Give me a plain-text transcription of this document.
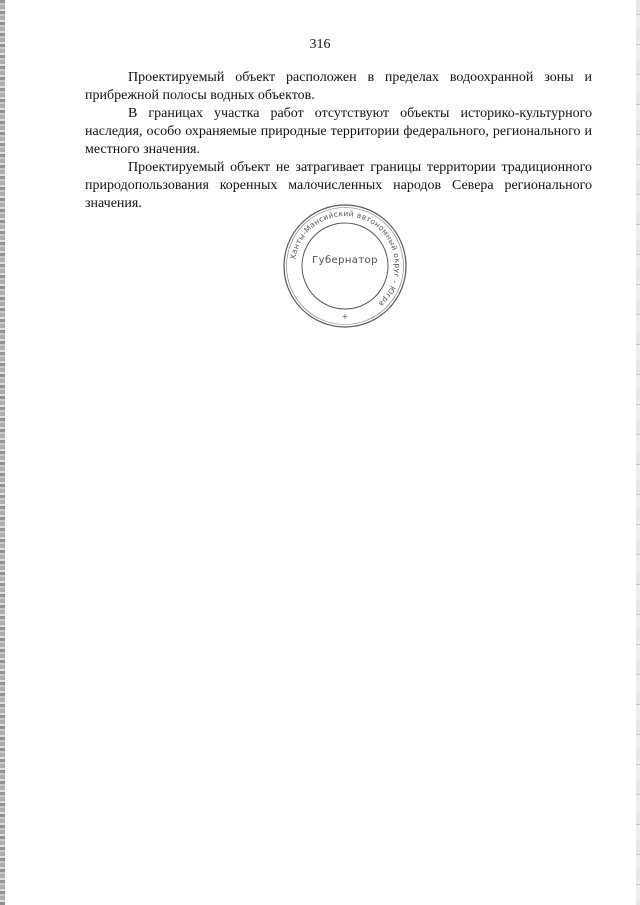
316

Проектируемый объект расположен в пределах водоохранной зоны и прибрежной полосы водных объектов.

В границах участка работ отсутствуют объекты историко-культурного наследия, особо охраняемые природные территории федерального, регионального и местного значения.

Проектируемый объект не затрагивает границы территории традиционного природопользования коренных малочисленных народов Севера регионального значения.

Ханты-Мансийский автономный округ - Югра
+
Губернатор
